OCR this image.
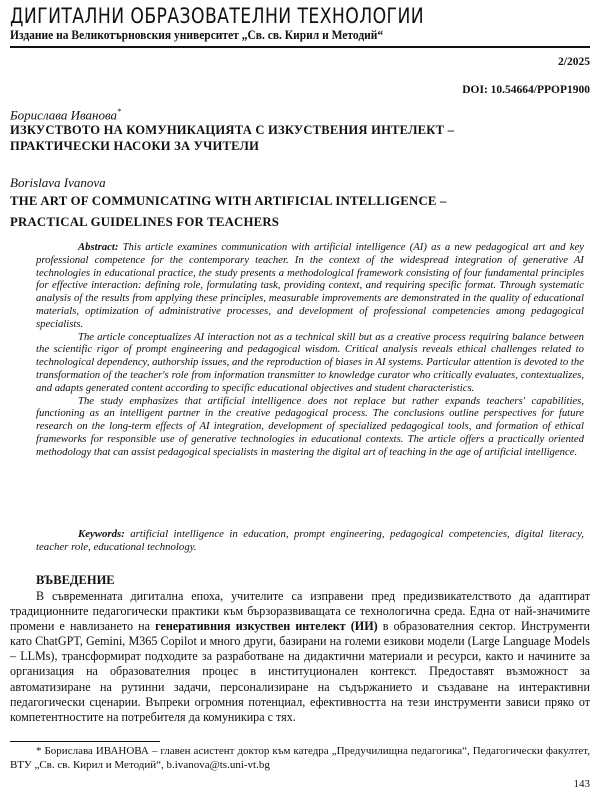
ДИГИТАЛНИ ОБРАЗОВАТЕЛНИ ТЕХНОЛОГИИ
Издание на Великотърновския университет „Св. св. Кирил и Методий“
2/2025
DOI: 10.54664/PPOP1900
Борислава Иванова*
ИЗКУСТВОТО НА КОМУНИКАЦИЯТА С ИЗКУСТВЕНИЯ ИНТЕЛЕКТ –
ПРАКТИЧЕСКИ НАСОКИ ЗА УЧИТЕЛИ
Borislava Ivanova
THE ART OF COMMUNICATING WITH ARTIFICIAL INTELLIGENCE –
PRACTICAL GUIDELINES FOR TEACHERS

Abstract: This article examines communication with artificial intelligence (AI) as a new pedagogical art and key professional competence for the contemporary teacher. In the context of the widespread integration of generative AI technologies in educational practice, the study presents a methodological framework consisting of four fundamental principles for effective interaction: defining role, formulating task, providing context, and requiring specific format. Through systematic analysis of the results from applying these principles, measurable improvements are demonstrated in the quality of educational materials, optimization of administrative processes, and development of professional competencies among pedagogical specialists.

The article conceptualizes AI interaction not as a technical skill but as a creative process requiring balance between the scientific rigor of prompt engineering and pedagogical wisdom. Critical analysis reveals ethical challenges related to technological dependency, authorship issues, and the reproduction of biases in AI systems. Particular attention is devoted to the transformation of the teacher's role from information transmitter to knowledge curator who critically evaluates, contextualizes, and adapts generated content according to specific educational objectives and student characteristics.

The study emphasizes that artificial intelligence does not replace but rather expands teachers' capabilities, functioning as an intelligent partner in the creative pedagogical process. The conclusions outline perspectives for future research on the long-term effects of AI integration, development of specialized pedagogical tools, and formation of ethical frameworks for responsible use of generative technologies in educational contexts. The article offers a practically oriented methodology that can assist pedagogical specialists in mastering the digital art of teaching in the age of artificial intelligence.

Keywords: artificial intelligence in education, prompt engineering, pedagogical competencies, digital literacy, teacher role, educational technology.
ВЪВЕДЕНИЕ
В съвременната дигитална епоха, учителите са изправени пред предизвикателството да адаптират традиционните педагогически практики към бързоразвиващата се технологична среда. Една от най-значимите промени е навлизането на генеративния изкуствен интелект (ИИ) в образователния сектор. Инструменти като ChatGPT, Gemini, M365 Copilot и много други, базирани на големи езикови модели (Large Language Models – LLMs), трансформират подходите за разработване на дидактични материали и ресурси, както и начините за организация на образователния процес в институционален контекст. Предоставят възможност за автоматизиране на рутинни задачи, персонализиране на съдържанието и създаване на интерактивни педагогически сценарии. Въпреки огромния потенциал, ефективността на тези инструменти зависи пряко от компетентностите на потребителя да комуникира с тях.
* Борислава ИВАНОВА – главен асистент доктор към катедра „Предучилищна педагогика“, Педагогически факултет, ВТУ „Св. св. Кирил и Методий“, b.ivanova@ts.uni-vt.bg
143
